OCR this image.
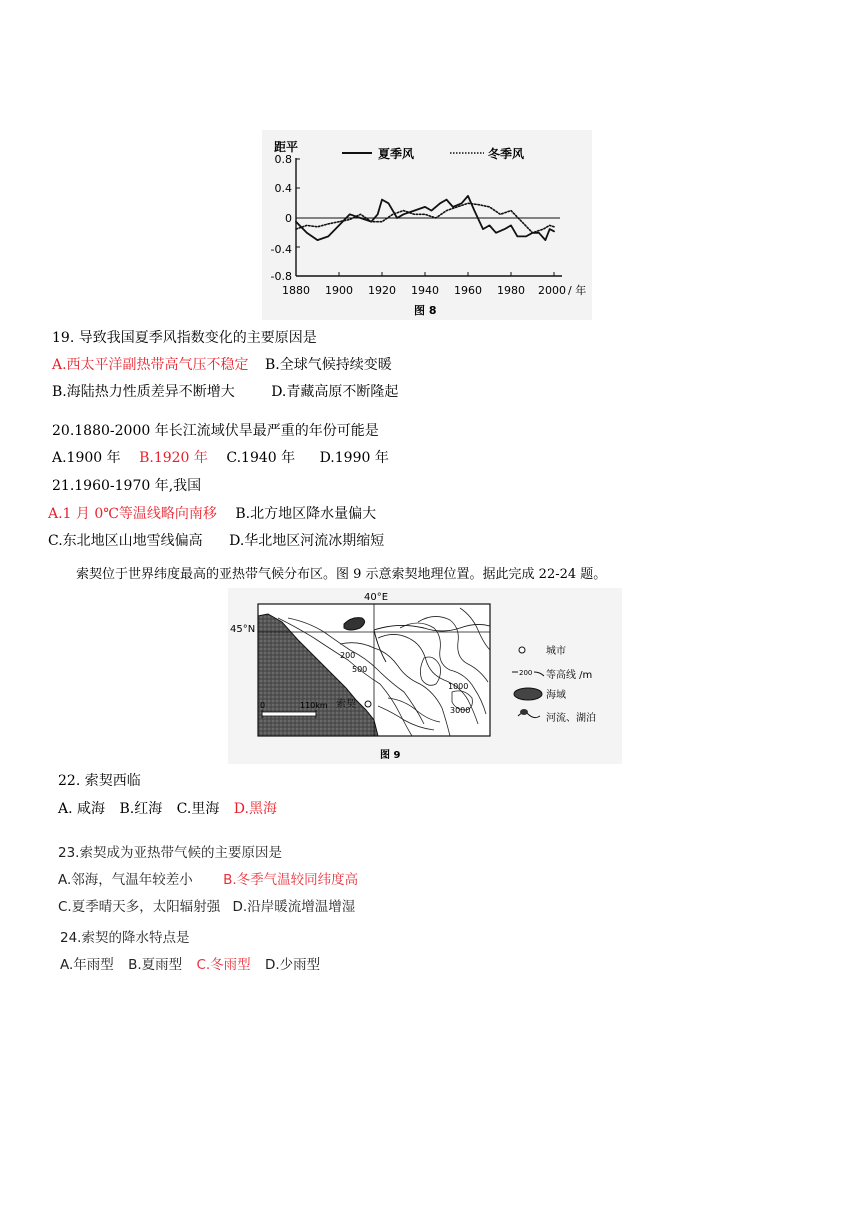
距平	夏季风	冬季风
0.8
0.4
0
-0.4
-0.8
1880 1900 1920 1940 1960 1980 2000 / 年
图 8
19. 导致我国夏季风指数变化的主要原因是
A.西太平洋副热带高气压不稳定 B.全球气候持续变暖
B.海陆热力性质差异不断增大	D.青藏高原不断隆起
20.1880-2000 年长江流域伏旱最严重的年份可能是
A.1900 年 B.1920 年 C.1940 年 D.1990 年
21.1960-1970 年,我国
A.1 月 0℃等温线略向南移 B.北方地区降水量偏大
C.东北地区山地雪线偏高 D.华北地区河流冰期缩短
索契位于世界纬度最高的亚热带气候分布区。图 9 示意索契地理位置。据此完成 22-24 题。
40°E
45°N
200
500
1000
3000
索契
0	110km
城市
200 等高线 /m
海域
河流、湖泊
图 9
22. 索契西临
A. 咸海 B.红海 C.里海 D.黑海
23.索契成为亚热带气候的主要原因是
A.邻海，气温年较差小 B.冬季气温较同纬度高
C.夏季晴天多，太阳辐射强 D.沿岸暖流增温增湿
24.索契的降水特点是
A.年雨型 B.夏雨型 C.冬雨型 D.少雨型
